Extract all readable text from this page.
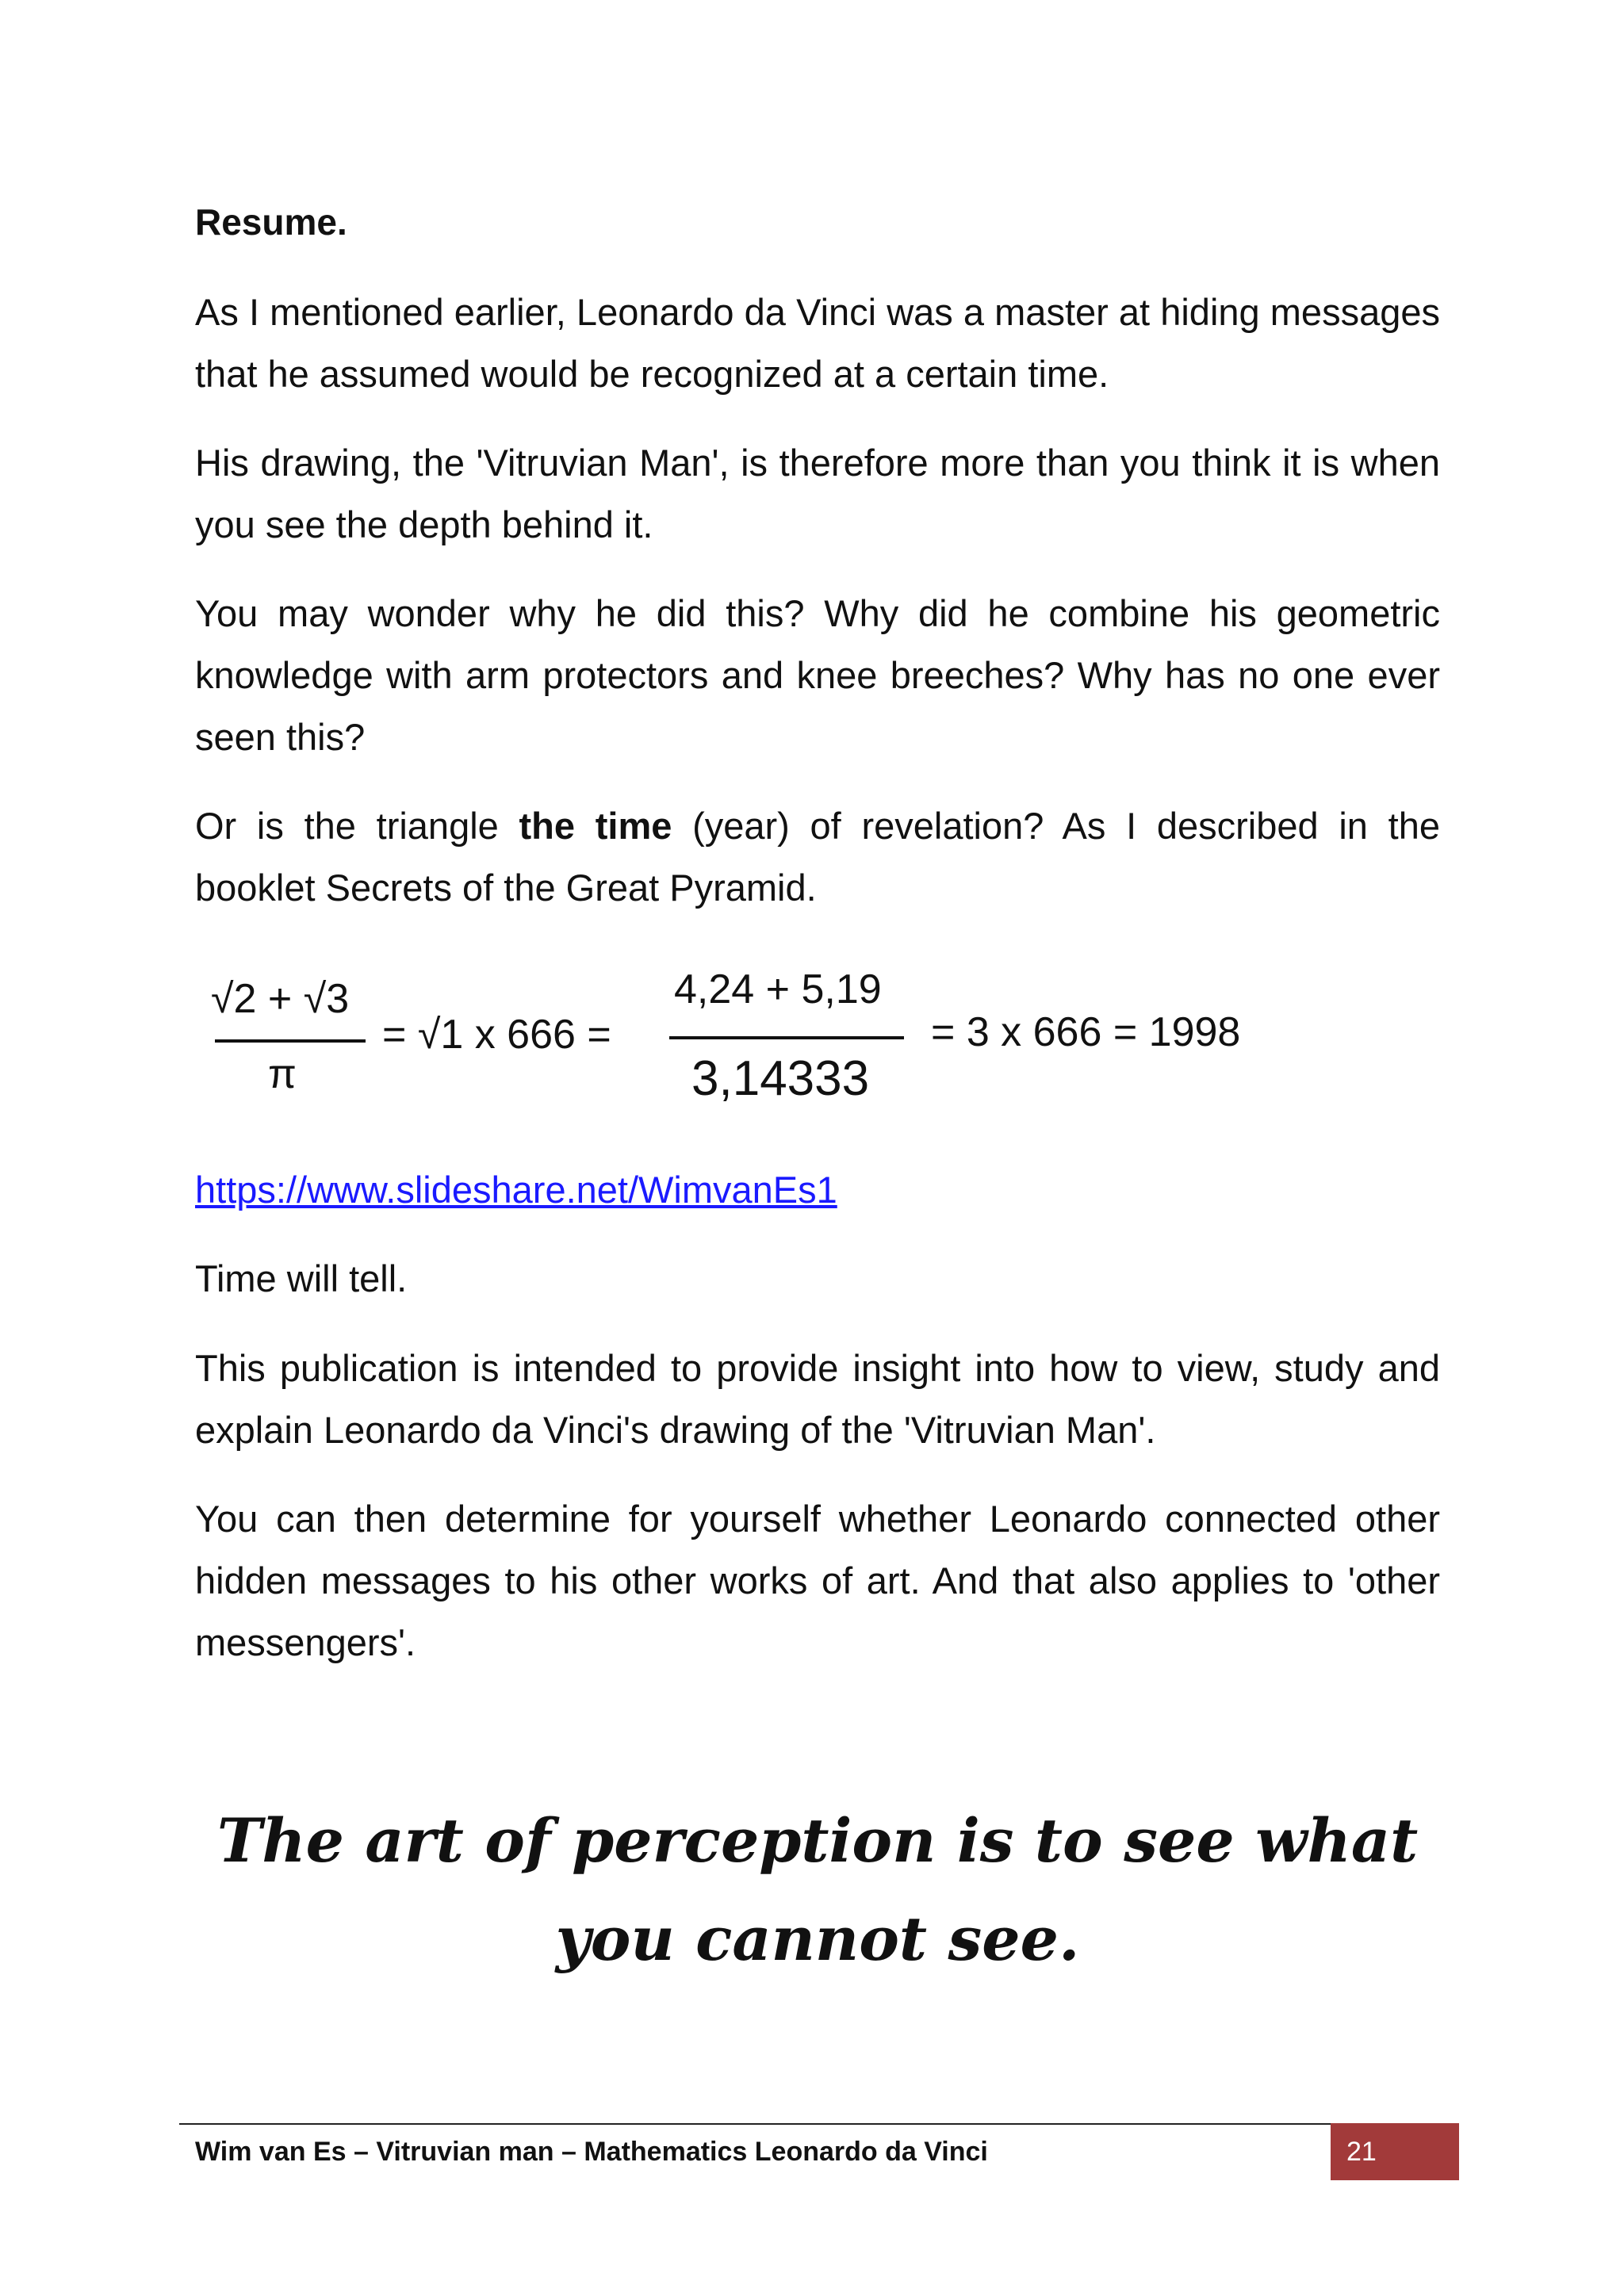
Resume.

As I mentioned earlier, Leonardo da Vinci was a master at hiding messages that he assumed would be recognized at a certain time.

His drawing, the 'Vitruvian Man', is therefore more than you think it is when you see the depth behind it.

You may wonder why he did this? Why did he combine his geometric knowledge with arm protectors and knee breeches? Why has no one ever seen this?

Or is the triangle the time (year) of revelation? As I described in the booklet Secrets of the Great Pyramid.

√2 + √3
π
= √1 x 666 =
4,24 + 5,19
3,14333
= 3 x 666 = 1998
https://www.slideshare.net/WimvanEs1

Time will tell.

This publication is intended to provide insight into how to view, study and explain Leonardo da Vinci's drawing of the 'Vitruvian Man'.

You can then determine for yourself whether Leonardo connected other hidden messages to his other works of art. And that also applies to 'other messengers'.

The art of perception is to see what you cannot see.

Wim van Es – Vitruvian man – Mathematics Leonardo da Vinci	21
